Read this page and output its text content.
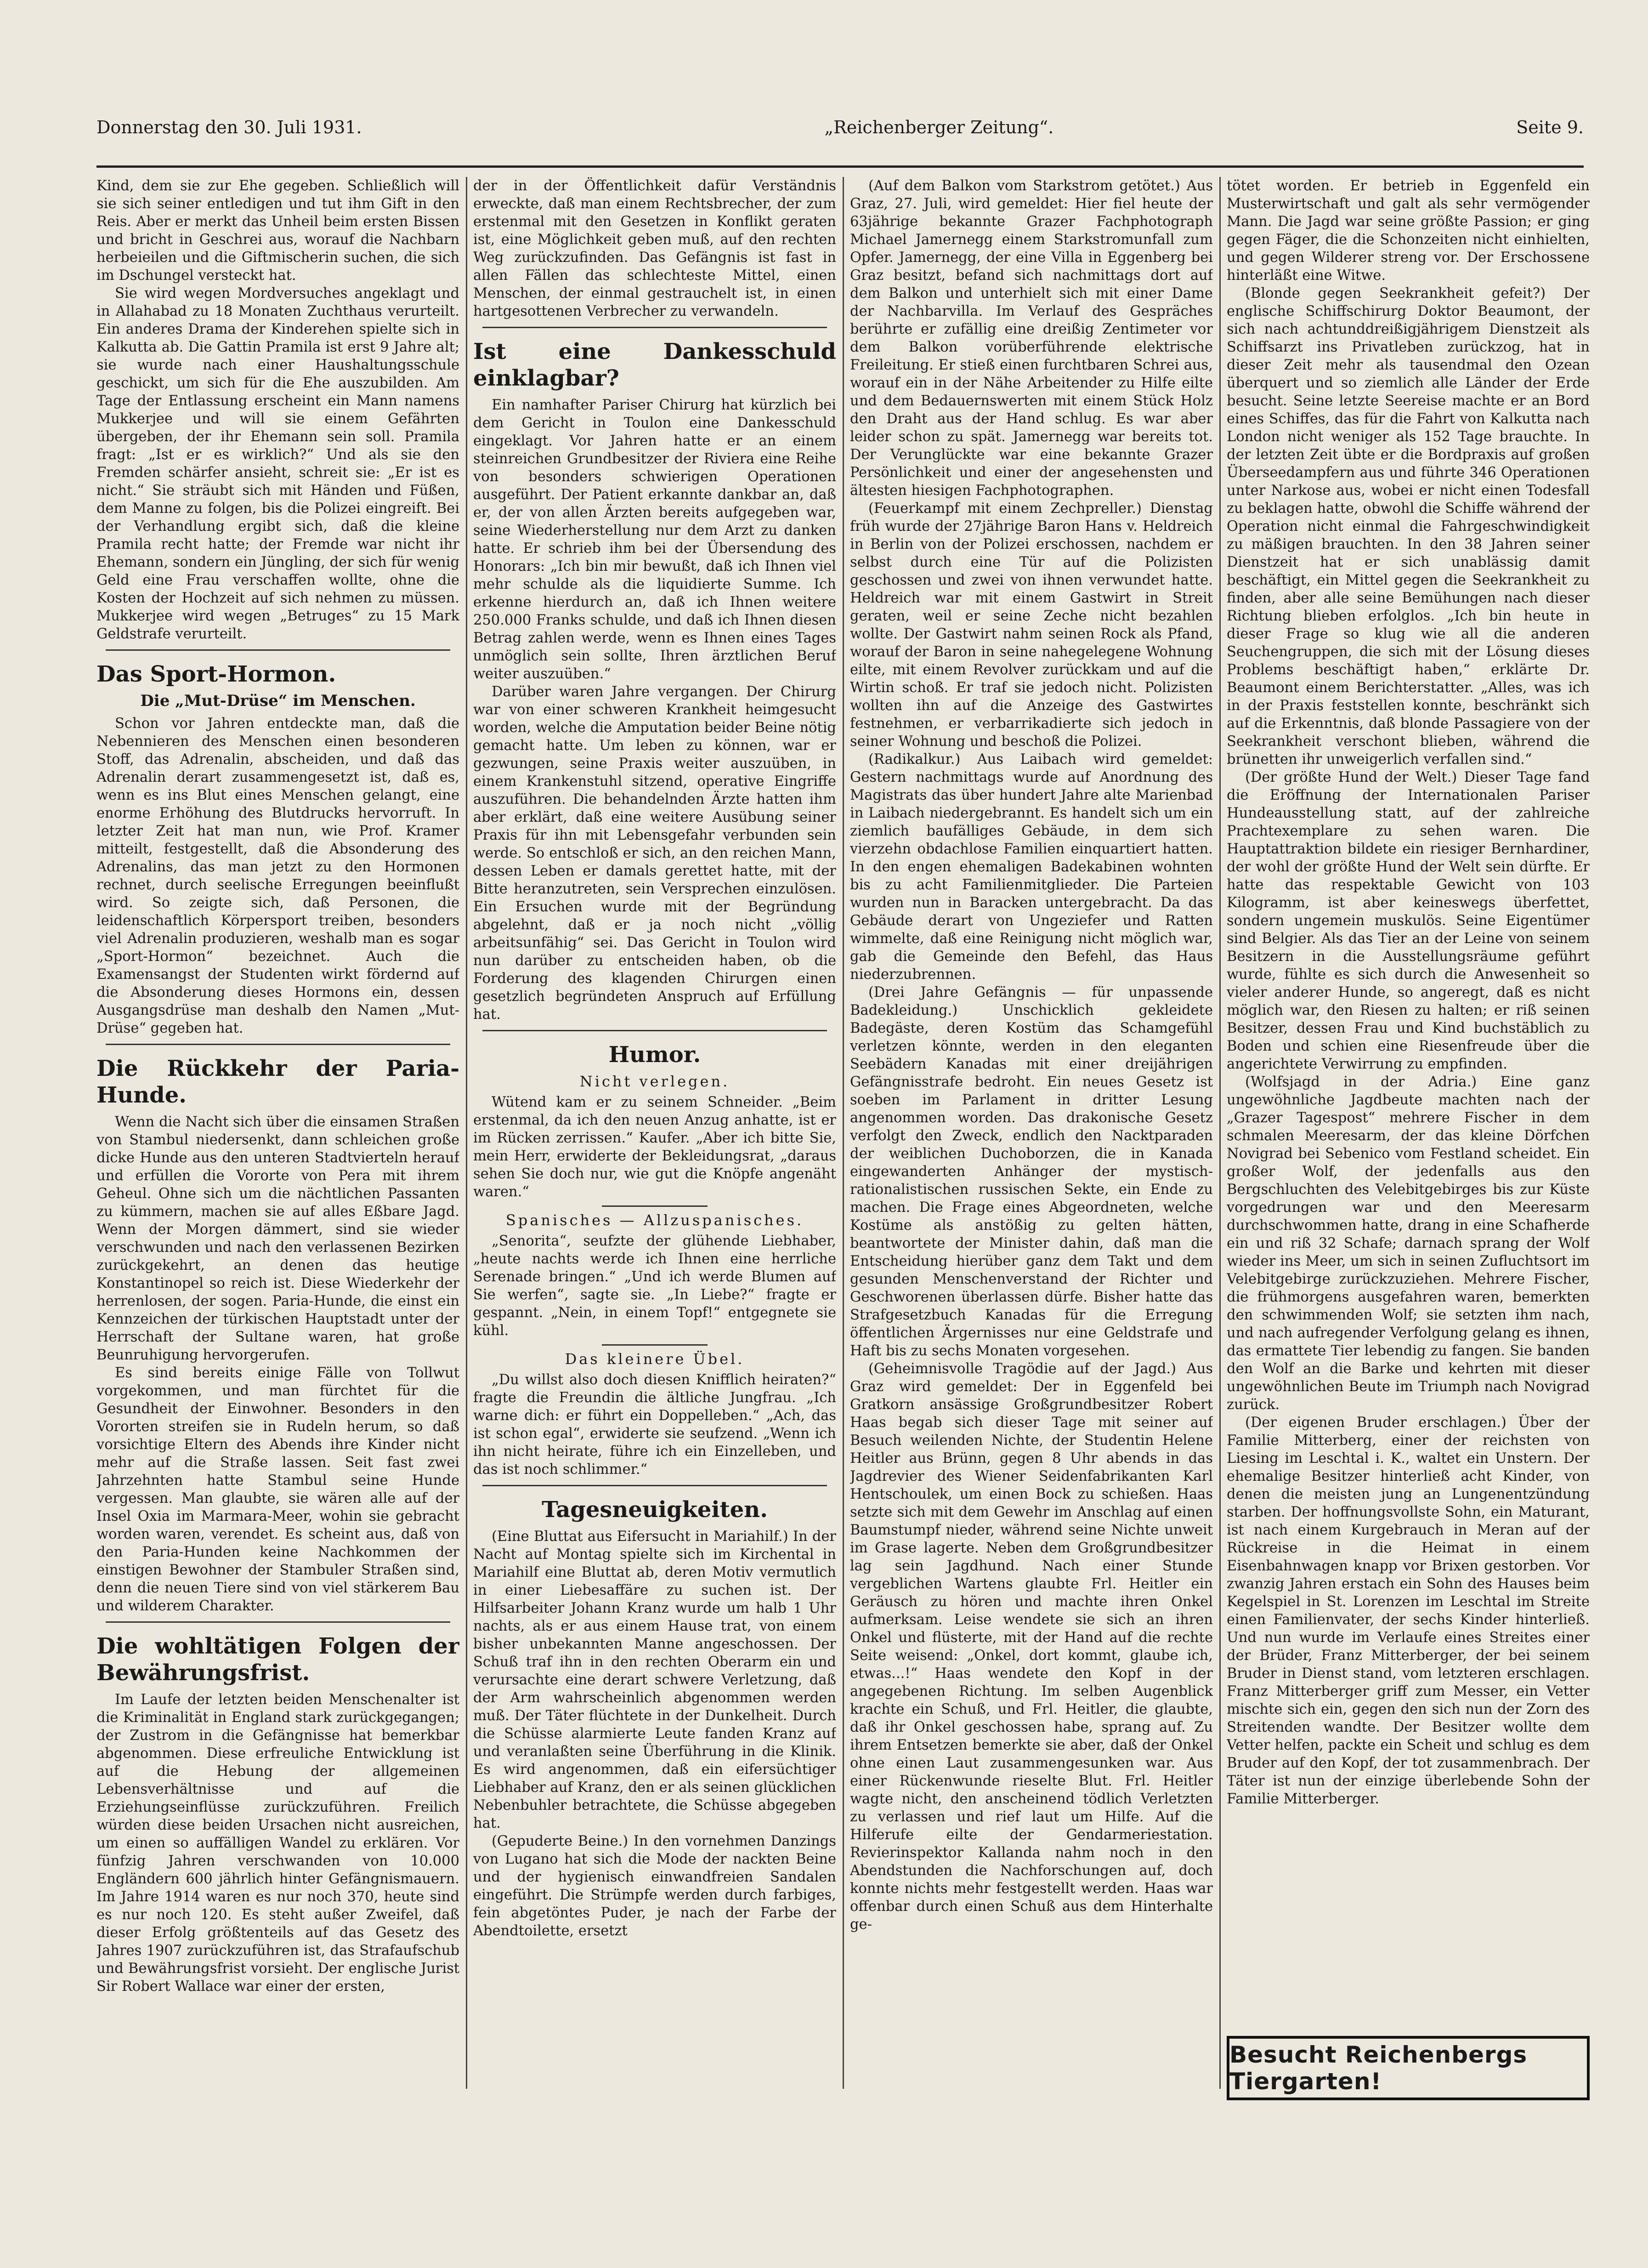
Donnerstag den 30. Juli 1931.	„Reichenberger Zeitung“.	Seite 9.

Kind, dem sie zur Ehe gegeben. Schließlich will sie sich seiner entledigen und tut ihm Gift in den Reis. Aber er merkt das Unheil beim ersten Bissen und bricht in Geschrei aus, worauf die Nachbarn herbeieilen und die Giftmischerin suchen, die sich im Dschungel versteckt hat.

Sie wird wegen Mordversuches angeklagt und in Allahabad zu 18 Monaten Zuchthaus verurteilt. Ein anderes Drama der Kinderehen spielte sich in Kalkutta ab. Die Gattin Pramila ist erst 9 Jahre alt; sie wurde nach einer Haushaltungsschule geschickt, um sich für die Ehe auszubilden. Am Tage der Entlassung erscheint ein Mann namens Mukkerjee und will sie einem Gefährten übergeben, der ihr Ehemann sein soll. Pramila fragt: „Ist er es wirklich?“ Und als sie den Fremden schärfer ansieht, schreit sie: „Er ist es nicht.“ Sie sträubt sich mit Händen und Füßen, dem Manne zu folgen, bis die Polizei eingreift. Bei der Verhandlung ergibt sich, daß die kleine Pramila recht hatte; der Fremde war nicht ihr Ehemann, sondern ein Jüngling, der sich für wenig Geld eine Frau verschaffen wollte, ohne die Kosten der Hochzeit auf sich nehmen zu müssen. Mukkerjee wird wegen „Betruges“ zu 15 Mark Geldstrafe verurteilt.

Das Sport-Hormon.
Die „Mut-Drüse“ im Menschen.

Schon vor Jahren entdeckte man, daß die Nebennieren des Menschen einen besonderen Stoff, das Adrenalin, abscheiden, und daß das Adrenalin derart zusammengesetzt ist, daß es, wenn es ins Blut eines Menschen gelangt, eine enorme Erhöhung des Blutdrucks hervorruft. In letzter Zeit hat man nun, wie Prof. Kramer mitteilt, festgestellt, daß die Absonderung des Adrenalins, das man jetzt zu den Hormonen rechnet, durch seelische Erregungen beeinflußt wird. So zeigte sich, daß Personen, die leidenschaftlich Körpersport treiben, besonders viel Adrenalin produzieren, weshalb man es sogar „Sport-Hormon“ bezeichnet. Auch die Examensangst der Studenten wirkt fördernd auf die Absonderung dieses Hormons ein, dessen Ausgangsdrüse man deshalb den Namen „Mut-Drüse“ gegeben hat.

Die Rückkehr der Paria-Hunde.

Wenn die Nacht sich über die einsamen Straßen von Stambul niedersenkt, dann schleichen große dicke Hunde aus den unteren Stadtvierteln herauf und erfüllen die Vororte von Pera mit ihrem Geheul. Ohne sich um die nächtlichen Passanten zu kümmern, machen sie auf alles Eßbare Jagd. Wenn der Morgen dämmert, sind sie wieder verschwunden und nach den verlassenen Bezirken zurückgekehrt, an denen das heutige Konstantinopel so reich ist. Diese Wiederkehr der herrenlosen, der sogen. Paria-Hunde, die einst ein Kennzeichen der türkischen Hauptstadt unter der Herrschaft der Sultane waren, hat große Beunruhigung hervorgerufen.

Es sind bereits einige Fälle von Tollwut vorgekommen, und man fürchtet für die Gesundheit der Einwohner. Besonders in den Vororten streifen sie in Rudeln herum, so daß vorsichtige Eltern des Abends ihre Kinder nicht mehr auf die Straße lassen. Seit fast zwei Jahrzehnten hatte Stambul seine Hunde vergessen. Man glaubte, sie wären alle auf der Insel Oxia im Marmara-Meer, wohin sie gebracht worden waren, verendet. Es scheint aus, daß von den Paria-Hunden keine Nachkommen der einstigen Bewohner der Stambuler Straßen sind, denn die neuen Tiere sind von viel stärkerem Bau und wilderem Charakter.

Die wohltätigen Folgen der Bewährungsfrist.

Im Laufe der letzten beiden Menschenalter ist die Kriminalität in England stark zurückgegangen; der Zustrom in die Gefängnisse hat bemerkbar abgenommen. Diese erfreuliche Entwicklung ist auf die Hebung der allgemeinen Lebensverhältnisse und auf die Erziehungseinflüsse zurückzuführen. Freilich würden diese beiden Ursachen nicht ausreichen, um einen so auffälligen Wandel zu erklären. Vor fünfzig Jahren verschwanden von 10.000 Engländern 600 jährlich hinter Gefängnismauern. Im Jahre 1914 waren es nur noch 370, heute sind es nur noch 120. Es steht außer Zweifel, daß dieser Erfolg größtenteils auf das Gesetz des Jahres 1907 zurückzuführen ist, das Strafaufschub und Bewährungsfrist vorsieht. Der englische Jurist Sir Robert Wallace war einer der ersten,

der in der Öffentlichkeit dafür Verständnis erweckte, daß man einem Rechtsbrecher, der zum erstenmal mit den Gesetzen in Konflikt geraten ist, eine Möglichkeit geben muß, auf den rechten Weg zurückzufinden. Das Gefängnis ist fast in allen Fällen das schlechteste Mittel, einen Menschen, der einmal gestrauchelt ist, in einen hartgesottenen Verbrecher zu verwandeln.

Ist eine Dankesschuld einklagbar?

Ein namhafter Pariser Chirurg hat kürzlich bei dem Gericht in Toulon eine Dankesschuld eingeklagt. Vor Jahren hatte er an einem steinreichen Grundbesitzer der Riviera eine Reihe von besonders schwierigen Operationen ausgeführt. Der Patient erkannte dankbar an, daß er, der von allen Ärzten bereits aufgegeben war, seine Wiederherstellung nur dem Arzt zu danken hatte. Er schrieb ihm bei der Übersendung des Honorars: „Ich bin mir bewußt, daß ich Ihnen viel mehr schulde als die liquidierte Summe. Ich erkenne hierdurch an, daß ich Ihnen weitere 250.000 Franks schulde, und daß ich Ihnen diesen Betrag zahlen werde, wenn es Ihnen eines Tages unmöglich sein sollte, Ihren ärztlichen Beruf weiter auszuüben.“

Darüber waren Jahre vergangen. Der Chirurg war von einer schweren Krankheit heimgesucht worden, welche die Amputation beider Beine nötig gemacht hatte. Um leben zu können, war er gezwungen, seine Praxis weiter auszuüben, in einem Krankenstuhl sitzend, operative Eingriffe auszuführen. Die behandelnden Ärzte hatten ihm aber erklärt, daß eine weitere Ausübung seiner Praxis für ihn mit Lebensgefahr verbunden sein werde. So entschloß er sich, an den reichen Mann, dessen Leben er damals gerettet hatte, mit der Bitte heranzutreten, sein Versprechen einzulösen. Ein Ersuchen wurde mit der Begründung abgelehnt, daß er ja noch nicht „völlig arbeitsunfähig“ sei. Das Gericht in Toulon wird nun darüber zu entscheiden haben, ob die Forderung des klagenden Chirurgen einen gesetzlich begründeten Anspruch auf Erfüllung hat.

Humor.
Nicht verlegen.

Wütend kam er zu seinem Schneider. „Beim erstenmal, da ich den neuen Anzug anhatte, ist er im Rücken zerrissen.“ Kaufer. „Aber ich bitte Sie, mein Herr, erwiderte der Bekleidungsrat, „daraus sehen Sie doch nur, wie gut die Knöpfe angenäht waren.“

Spanisches — Allzuspanisches.

„Senorita“, seufzte der glühende Liebhaber, „heute nachts werde ich Ihnen eine herrliche Serenade bringen.“ „Und ich werde Blumen auf Sie werfen“, sagte sie. „In Liebe?“ fragte er gespannt. „Nein, in einem Topf!“ entgegnete sie kühl.

Das kleinere Übel.

„Du willst also doch diesen Knifflich heiraten?“ fragte die Freundin die ältliche Jungfrau. „Ich warne dich: er führt ein Doppelleben.“ „Ach, das ist schon egal“, erwiderte sie seufzend. „Wenn ich ihn nicht heirate, führe ich ein Einzelleben, und das ist noch schlimmer.“

Tagesneuigkeiten.

(Eine Bluttat aus Eifersucht in Mariahilf.) In der Nacht auf Montag spielte sich im Kirchental in Mariahilf eine Bluttat ab, deren Motiv vermutlich in einer Liebesaffäre zu suchen ist. Der Hilfsarbeiter Johann Kranz wurde um halb 1 Uhr nachts, als er aus einem Hause trat, von einem bisher unbekannten Manne angeschossen. Der Schuß traf ihn in den rechten Oberarm ein und verursachte eine derart schwere Verletzung, daß der Arm wahrscheinlich abgenommen werden muß. Der Täter flüchtete in der Dunkelheit. Durch die Schüsse alarmierte Leute fanden Kranz auf und veranlaßten seine Überführung in die Klinik. Es wird angenommen, daß ein eifersüchtiger Liebhaber auf Kranz, den er als seinen glücklichen Nebenbuhler betrachtete, die Schüsse abgegeben hat.

(Gepuderte Beine.) In den vornehmen Danzings von Lugano hat sich die Mode der nackten Beine und der hygienisch einwandfreien Sandalen eingeführt. Die Strümpfe werden durch farbiges, fein abgetöntes Puder, je nach der Farbe der Abendtoilette, ersetzt

(Auf dem Balkon vom Starkstrom getötet.) Aus Graz, 27. Juli, wird gemeldet: Hier fiel heute der 63jährige bekannte Grazer Fachphotograph Michael Jamernegg einem Starkstromunfall zum Opfer. Jamernegg, der eine Villa in Eggenberg bei Graz besitzt, befand sich nachmittags dort auf dem Balkon und unterhielt sich mit einer Dame der Nachbarvilla. Im Verlauf des Gespräches berührte er zufällig eine dreißig Zentimeter vor dem Balkon vorüberführende elektrische Freileitung. Er stieß einen furchtbaren Schrei aus, worauf ein in der Nähe Arbeitender zu Hilfe eilte und dem Bedauernswerten mit einem Stück Holz den Draht aus der Hand schlug. Es war aber leider schon zu spät. Jamernegg war bereits tot. Der Verunglückte war eine bekannte Grazer Persönlichkeit und einer der angesehensten und ältesten hiesigen Fachphotographen.

(Feuerkampf mit einem Zechpreller.) Dienstag früh wurde der 27jährige Baron Hans v. Heldreich in Berlin von der Polizei erschossen, nachdem er selbst durch eine Tür auf die Polizisten geschossen und zwei von ihnen verwundet hatte. Heldreich war mit einem Gastwirt in Streit geraten, weil er seine Zeche nicht bezahlen wollte. Der Gastwirt nahm seinen Rock als Pfand, worauf der Baron in seine nahegelegene Wohnung eilte, mit einem Revolver zurückkam und auf die Wirtin schoß. Er traf sie jedoch nicht. Polizisten wollten ihn auf die Anzeige des Gastwirtes festnehmen, er verbarrikadierte sich jedoch in seiner Wohnung und beschoß die Polizei.

(Radikalkur.) Aus Laibach wird gemeldet: Gestern nachmittags wurde auf Anordnung des Magistrats das über hundert Jahre alte Marienbad in Laibach niedergebrannt. Es handelt sich um ein ziemlich baufälliges Gebäude, in dem sich vierzehn obdachlose Familien einquartiert hatten. In den engen ehemaligen Badekabinen wohnten bis zu acht Familienmitglieder. Die Parteien wurden nun in Baracken untergebracht. Da das Gebäude derart von Ungeziefer und Ratten wimmelte, daß eine Reinigung nicht möglich war, gab die Gemeinde den Befehl, das Haus niederzubrennen.

(Drei Jahre Gefängnis — für unpassende Badekleidung.) Unschicklich gekleidete Badegäste, deren Kostüm das Schamgefühl verletzen könnte, werden in den eleganten Seebädern Kanadas mit einer dreijährigen Gefängnisstrafe bedroht. Ein neues Gesetz ist soeben im Parlament in dritter Lesung angenommen worden. Das drakonische Gesetz verfolgt den Zweck, endlich den Nacktparaden der weiblichen Duchoborzen, die in Kanada eingewanderten Anhänger der mystisch-rationalistischen russischen Sekte, ein Ende zu machen. Die Frage eines Abgeordneten, welche Kostüme als anstößig zu gelten hätten, beantwortete der Minister dahin, daß man die Entscheidung hierüber ganz dem Takt und dem gesunden Menschenverstand der Richter und Geschworenen überlassen dürfe. Bisher hatte das Strafgesetzbuch Kanadas für die Erregung öffentlichen Ärgernisses nur eine Geldstrafe und Haft bis zu sechs Monaten vorgesehen.

(Geheimnisvolle Tragödie auf der Jagd.) Aus Graz wird gemeldet: Der in Eggenfeld bei Gratkorn ansässige Großgrundbesitzer Robert Haas begab sich dieser Tage mit seiner auf Besuch weilenden Nichte, der Studentin Helene Heitler aus Brünn, gegen 8 Uhr abends in das Jagdrevier des Wiener Seidenfabrikanten Karl Hentschoulek, um einen Bock zu schießen. Haas setzte sich mit dem Gewehr im Anschlag auf einen Baumstumpf nieder, während seine Nichte unweit im Grase lagerte. Neben dem Großgrundbesitzer lag sein Jagdhund. Nach einer Stunde vergeblichen Wartens glaubte Frl. Heitler ein Geräusch zu hören und machte ihren Onkel aufmerksam. Leise wendete sie sich an ihren Onkel und flüsterte, mit der Hand auf die rechte Seite weisend: „Onkel, dort kommt, glaube ich, etwas...!“ Haas wendete den Kopf in der angegebenen Richtung. Im selben Augenblick krachte ein Schuß, und Frl. Heitler, die glaubte, daß ihr Onkel geschossen habe, sprang auf. Zu ihrem Entsetzen bemerkte sie aber, daß der Onkel ohne einen Laut zusammengesunken war. Aus einer Rückenwunde rieselte Blut. Frl. Heitler wagte nicht, den anscheinend tödlich Verletzten zu verlassen und rief laut um Hilfe. Auf die Hilferufe eilte der Gendarmeriestation. Revierinspektor Kallanda nahm noch in den Abendstunden die Nachforschungen auf, doch konnte nichts mehr festgestellt werden. Haas war offenbar durch einen Schuß aus dem Hinterhalte ge-

tötet worden. Er betrieb in Eggenfeld ein Musterwirtschaft und galt als sehr vermögender Mann. Die Jagd war seine größte Passion; er ging gegen Fäger, die die Schonzeiten nicht einhielten, und gegen Wilderer streng vor. Der Erschossene hinterläßt eine Witwe.

(Blonde gegen Seekrankheit gefeit?) Der englische Schiffschirurg Doktor Beaumont, der sich nach achtunddreißigjährigem Dienstzeit als Schiffsarzt ins Privatleben zurückzog, hat in dieser Zeit mehr als tausendmal den Ozean überquert und so ziemlich alle Länder der Erde besucht. Seine letzte Seereise machte er an Bord eines Schiffes, das für die Fahrt von Kalkutta nach London nicht weniger als 152 Tage brauchte. In der letzten Zeit übte er die Bordpraxis auf großen Überseedampfern aus und führte 346 Operationen unter Narkose aus, wobei er nicht einen Todesfall zu beklagen hatte, obwohl die Schiffe während der Operation nicht einmal die Fahrgeschwindigkeit zu mäßigen brauchten. In den 38 Jahren seiner Dienstzeit hat er sich unablässig damit beschäftigt, ein Mittel gegen die Seekrankheit zu finden, aber alle seine Bemühungen nach dieser Richtung blieben erfolglos. „Ich bin heute in dieser Frage so klug wie all die anderen Seuchengruppen, die sich mit der Lösung dieses Problems beschäftigt haben,“ erklärte Dr. Beaumont einem Berichterstatter. „Alles, was ich in der Praxis feststellen konnte, beschränkt sich auf die Erkenntnis, daß blonde Passagiere von der Seekrankheit verschont blieben, während die brünetten ihr unweigerlich verfallen sind.“

(Der größte Hund der Welt.) Dieser Tage fand die Eröffnung der Internationalen Pariser Hundeausstellung statt, auf der zahlreiche Prachtexemplare zu sehen waren. Die Hauptattraktion bildete ein riesiger Bernhardiner, der wohl der größte Hund der Welt sein dürfte. Er hatte das respektable Gewicht von 103 Kilogramm, ist aber keineswegs überfettet, sondern ungemein muskulös. Seine Eigentümer sind Belgier. Als das Tier an der Leine von seinem Besitzern in die Ausstellungsräume geführt wurde, fühlte es sich durch die Anwesenheit so vieler anderer Hunde, so angeregt, daß es nicht möglich war, den Riesen zu halten; er riß seinen Besitzer, dessen Frau und Kind buchstäblich zu Boden und schien eine Riesenfreude über die angerichtete Verwirrung zu empfinden.

(Wolfsjagd in der Adria.) Eine ganz ungewöhnliche Jagdbeute machten nach der „Grazer Tagespost“ mehrere Fischer in dem schmalen Meeresarm, der das kleine Dörfchen Novigrad bei Sebenico vom Festland scheidet. Ein großer Wolf, der jedenfalls aus den Bergschluchten des Velebitgebirges bis zur Küste vorgedrungen war und den Meeresarm durchschwommen hatte, drang in eine Schafherde ein und riß 32 Schafe; darnach sprang der Wolf wieder ins Meer, um sich in seinen Zufluchtsort im Velebitgebirge zurückzuziehen. Mehrere Fischer, die frühmorgens ausgefahren waren, bemerkten den schwimmenden Wolf; sie setzten ihm nach, und nach aufregender Verfolgung gelang es ihnen, das ermattete Tier lebendig zu fangen. Sie banden den Wolf an die Barke und kehrten mit dieser ungewöhnlichen Beute im Triumph nach Novigrad zurück.

(Der eigenen Bruder erschlagen.) Über der Familie Mitterberg, einer der reichsten von Liesing im Leschtal i. K., waltet ein Unstern. Der ehemalige Besitzer hinterließ acht Kinder, von denen die meisten jung an Lungenentzündung starben. Der hoffnungsvollste Sohn, ein Maturant, ist nach einem Kurgebrauch in Meran auf der Rückreise in die Heimat in einem Eisenbahnwagen knapp vor Brixen gestorben. Vor zwanzig Jahren erstach ein Sohn des Hauses beim Kegelspiel in St. Lorenzen im Leschtal im Streite einen Familienvater, der sechs Kinder hinterließ. Und nun wurde im Verlaufe eines Streites einer der Brüder, Franz Mitterberger, der bei seinem Bruder in Dienst stand, vom letzteren erschlagen. Franz Mitterberger griff zum Messer, ein Vetter mischte sich ein, gegen den sich nun der Zorn des Streitenden wandte. Der Besitzer wollte dem Vetter helfen, packte ein Scheit und schlug es dem Bruder auf den Kopf, der tot zusammenbrach. Der Täter ist nun der einzige überlebende Sohn der Familie Mitterberger.

Besucht Reichenbergs Tiergarten!
